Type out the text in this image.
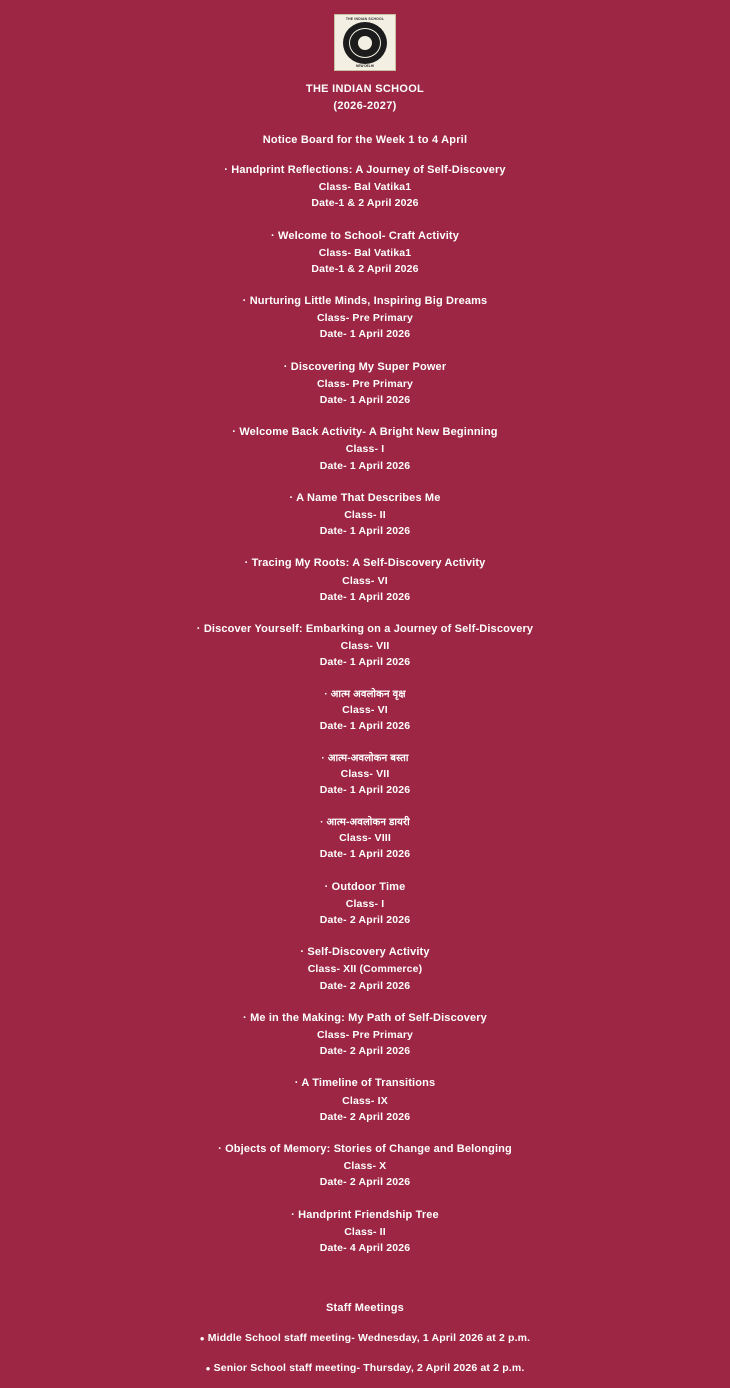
THE INDIAN SCHOOL
NEW DELHI
THE INDIAN SCHOOL
(2026-2027)
Notice Board for the Week 1 to 4 April
· Handprint Reflections: A Journey of Self-Discovery
Class- Bal Vatika1
Date-1 & 2 April 2026
· Welcome to School- Craft Activity
Class- Bal Vatika1
Date-1 & 2 April 2026
· Nurturing Little Minds, Inspiring Big Dreams
Class- Pre Primary
Date- 1 April 2026
· Discovering My Super Power
Class- Pre Primary
Date- 1 April 2026
· Welcome Back Activity- A Bright New Beginning
Class- I
Date- 1 April 2026
· A Name That Describes Me
Class- II
Date- 1 April 2026
· Tracing My Roots: A Self-Discovery Activity
Class- VI
Date- 1 April 2026
· Discover Yourself: Embarking on a Journey of Self-Discovery
Class- VII
Date- 1 April 2026
· आत्म अवलोकन वृक्ष
Class- VI
Date- 1 April 2026
· आत्म-अवलोकन बस्ता
Class- VII
Date- 1 April 2026
· आत्म-अवलोकन डायरी
Class- VIII
Date- 1 April 2026
· Outdoor Time
Class- I
Date- 2 April 2026
· Self-Discovery Activity
Class- XII (Commerce)
Date- 2 April 2026
· Me in the Making: My Path of Self-Discovery
Class- Pre Primary
Date- 2 April 2026
· A Timeline of Transitions
Class- IX
Date- 2 April 2026
· Objects of Memory: Stories of Change and Belonging
Class- X
Date- 2 April 2026
· Handprint Friendship Tree
Class- II
Date- 4 April 2026
Staff Meetings
● Middle School staff meeting- Wednesday, 1 April 2026 at 2 p.m.
● Senior School staff meeting- Thursday, 2 April 2026 at 2 p.m.
